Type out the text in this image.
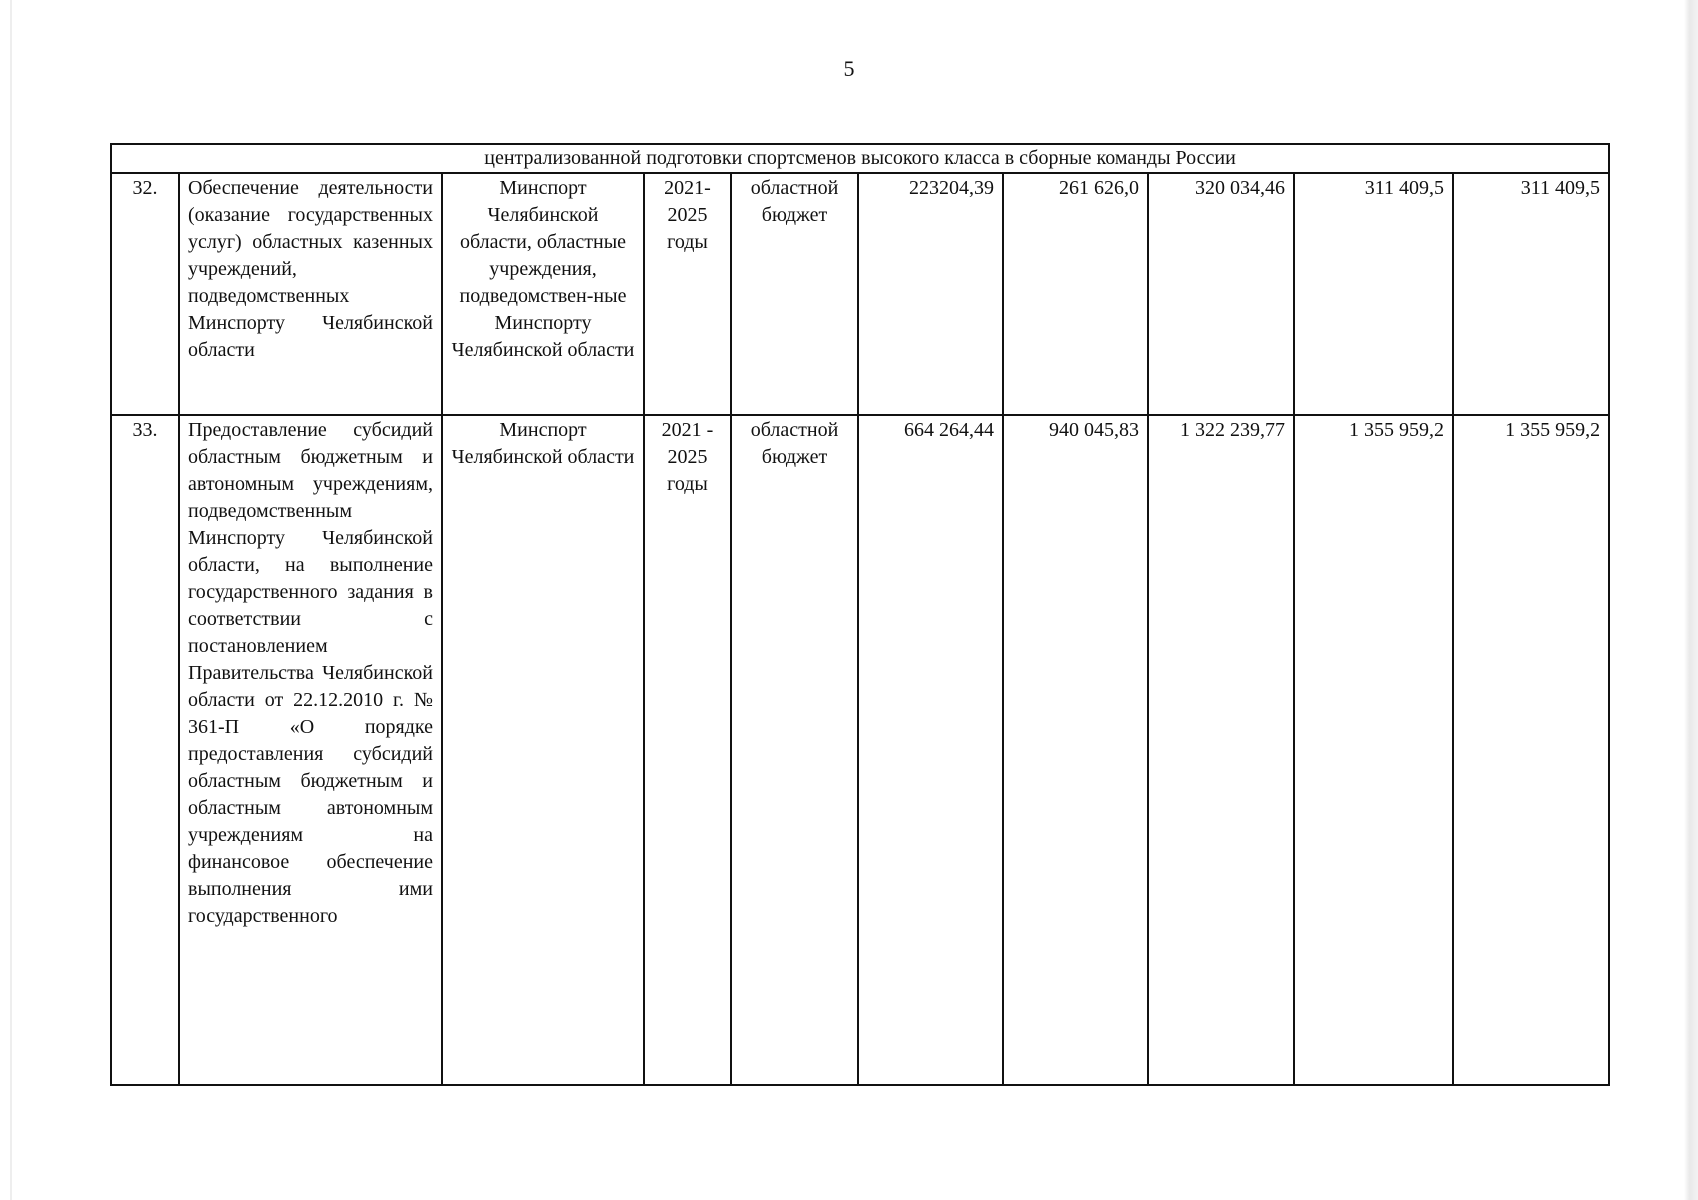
5
централизованной подготовки спортсменов высокого класса в сборные команды России									
32.	Обеспечение деятельности (оказание государственных услуг) областных казенных учреждений, подведомственных Минспорту Челябинской области	Минспорт Челябинской области, областные учреждения, подведомствен-ные Минспорту Челябинской области	2021-2025 годы	областной бюджет	223204,39	261 626,0	320 034,46	311 409,5	311 409,5
33.	Предоставление субсидий областным бюджетным и автономным учреждениям, подведомственным Минспорту Челябинской области, на выполнение государственного задания в соответствии с постановлением Правительства Челябинской области от 22.12.2010 г. № 361-П «О порядке предоставления субсидий областным бюджетным и областным автономным учреждениям на финансовое обеспечение выполнения ими государственного	Минспорт Челябинской области	2021 - 2025 годы	областной бюджет	664 264,44	940 045,83	1 322 239,77	1 355 959,2	1 355 959,2
